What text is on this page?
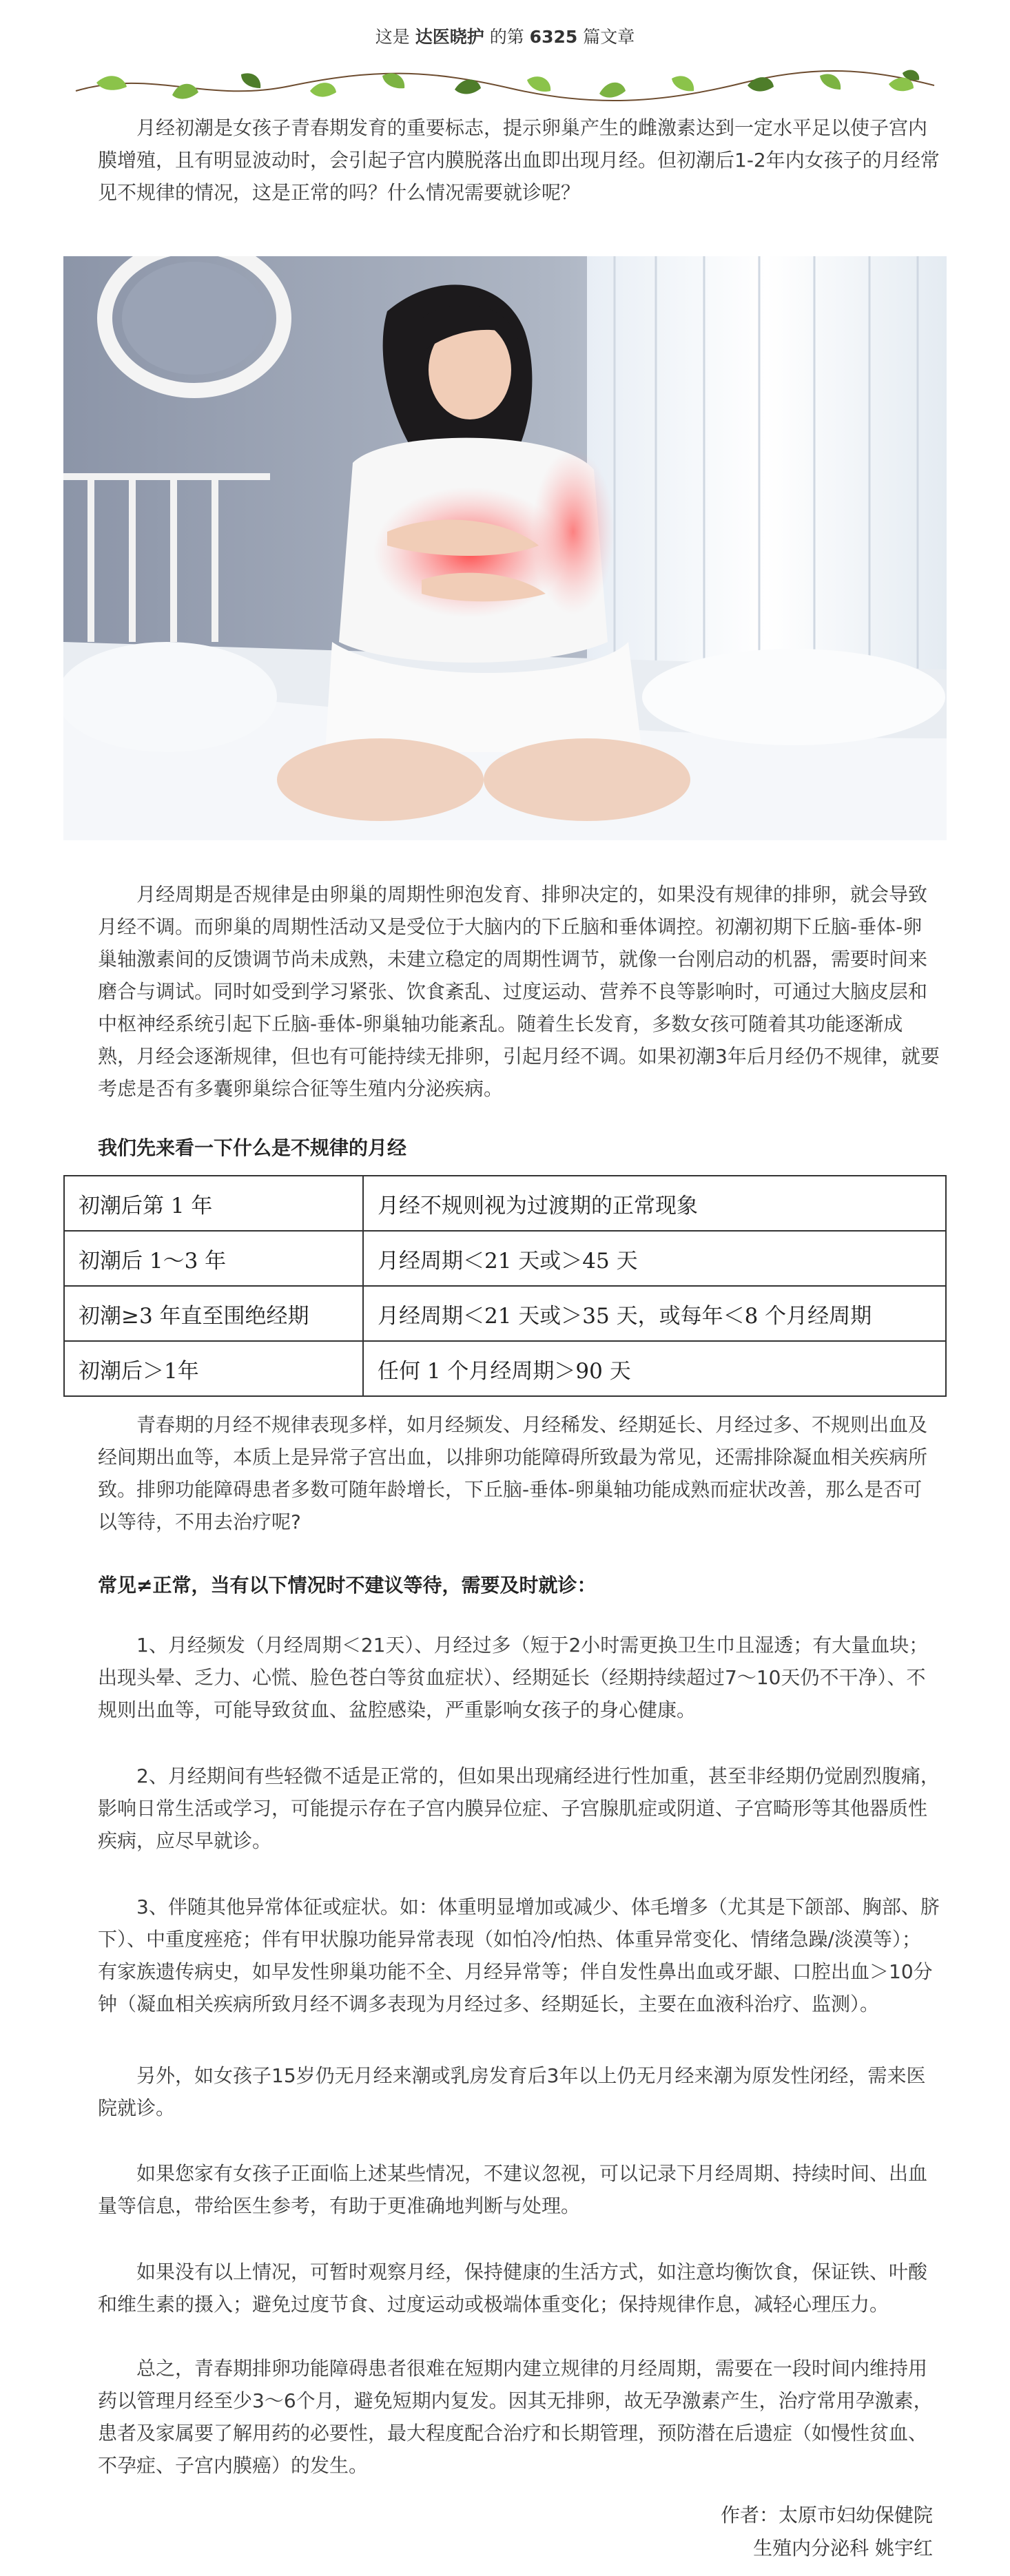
这是 达医晓护 的第 6325 篇文章

月经初潮是女孩子青春期发育的重要标志，提示卵巢产生的雌激素达到一定水平足以使子宫内膜增殖，且有明显波动时，会引起子宫内膜脱落出血即出现月经。但初潮后1-2年内女孩子的月经常见不规律的情况，这是正常的吗？什么情况需要就诊呢？

月经周期是否规律是由卵巢的周期性卵泡发育、排卵决定的，如果没有规律的排卵，就会导致月经不调。而卵巢的周期性活动又是受位于大脑内的下丘脑和垂体调控。初潮初期下丘脑-垂体-卵巢轴激素间的反馈调节尚未成熟，未建立稳定的周期性调节，就像一台刚启动的机器，需要时间来磨合与调试。同时如受到学习紧张、饮食紊乱、过度运动、营养不良等影响时，可通过大脑皮层和中枢神经系统引起下丘脑-垂体-卵巢轴功能紊乱。随着生长发育，多数女孩可随着其功能逐渐成熟，月经会逐渐规律，但也有可能持续无排卵，引起月经不调。如果初潮3年后月经仍不规律，就要考虑是否有多囊卵巢综合征等生殖内分泌疾病。

我们先来看一下什么是不规律的月经

初潮后第 1 年	月经不规则视为过渡期的正常现象
初潮后 1～3 年	月经周期＜21 天或＞45 天
初潮≥3 年直至围绝经期	月经周期＜21 天或＞35 天，或每年＜8 个月经周期
初潮后＞1年	任何 1 个月经周期＞90 天

青春期的月经不规律表现多样，如月经频发、月经稀发、经期延长、月经过多、不规则出血及经间期出血等，本质上是异常子宫出血，以排卵功能障碍所致最为常见，还需排除凝血相关疾病所致。排卵功能障碍患者多数可随年龄增长，下丘脑-垂体-卵巢轴功能成熟而症状改善，那么是否可以等待，不用去治疗呢?

常见≠正常，当有以下情况时不建议等待，需要及时就诊：

1、月经频发（月经周期＜21天）、月经过多（短于2小时需更换卫生巾且湿透；有大量血块；出现头晕、乏力、心慌、脸色苍白等贫血症状）、经期延长（经期持续超过7～10天仍不干净）、不规则出血等，可能导致贫血、盆腔感染，严重影响女孩子的身心健康。

2、月经期间有些轻微不适是正常的，但如果出现痛经进行性加重，甚至非经期仍觉剧烈腹痛，影响日常生活或学习，可能提示存在子宫内膜异位症、子宫腺肌症或阴道、子宫畸形等其他器质性疾病，应尽早就诊。

3、伴随其他异常体征或症状。如：体重明显增加或减少、体毛增多（尤其是下颌部、胸部、脐下）、中重度痤疮；伴有甲状腺功能异常表现（如怕冷/怕热、体重异常变化、情绪急躁/淡漠等）；有家族遗传病史，如早发性卵巢功能不全、月经异常等；伴自发性鼻出血或牙龈、口腔出血＞10分钟（凝血相关疾病所致月经不调多表现为月经过多、经期延长，主要在血液科治疗、监测）。

另外，如女孩子15岁仍无月经来潮或乳房发育后3年以上仍无月经来潮为原发性闭经，需来医院就诊。

如果您家有女孩子正面临上述某些情况，不建议忽视，可以记录下月经周期、持续时间、出血量等信息，带给医生参考，有助于更准确地判断与处理。

如果没有以上情况，可暂时观察月经，保持健康的生活方式，如注意均衡饮食，保证铁、叶酸和维生素的摄入；避免过度节食、过度运动或极端体重变化；保持规律作息，减轻心理压力。

总之，青春期排卵功能障碍患者很难在短期内建立规律的月经周期，需要在一段时间内维持用药以管理月经至少3～6个月，避免短期内复发。因其无排卵，故无孕激素产生，治疗常用孕激素，患者及家属要了解用药的必要性，最大程度配合治疗和长期管理，预防潜在后遗症（如慢性贫血、不孕症、子宫内膜癌）的发生。

作者：太原市妇幼保健院
生殖内分泌科 姚宇红
